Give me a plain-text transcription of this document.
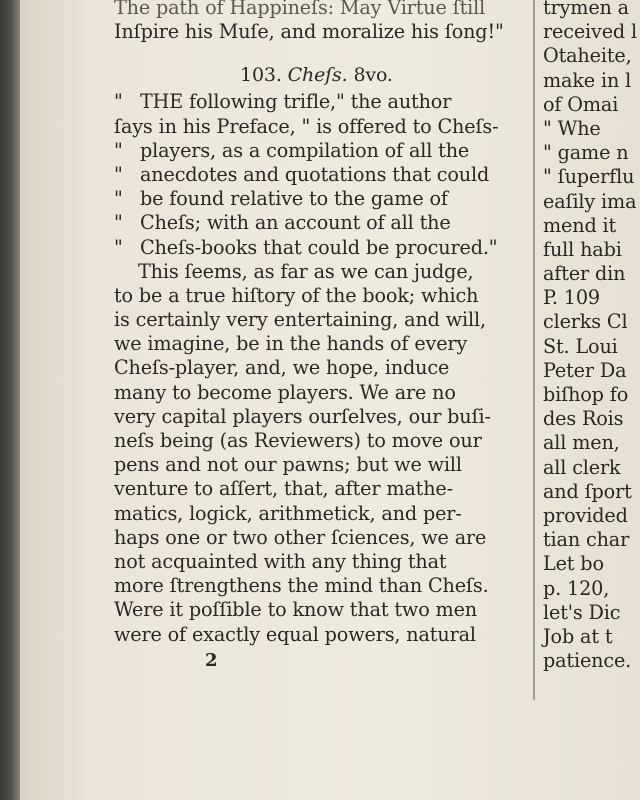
The path of Happineſs: May Virtue ſtill
Inſpire his Muſe, and moralize his ſong!"
103. Cheſs. 8vo.
" THE following trifle," the author
ſays in his Preface, " is offered to Cheſs-
" players, as a compilation of all the
" anecdotes and quotations that could
" be found relative to the game of
" Cheſs; with an account of all the
" Cheſs-books that could be procured."
This ſeems, as far as we can judge,
to be a true hiſtory of the book; which
is certainly very entertaining, and will,
we imagine, be in the hands of every
Cheſs-player, and, we hope, induce
many to become players. We are no
very capital players ourſelves, our buſi-
neſs being (as Reviewers) to move our
pens and not our pawns; but we will
venture to aſſert, that, after mathe-
matics, logick, arithmetick, and per-
haps one or two other ſciences, we are
not acquainted with any thing that
more ſtrengthens the mind than Cheſs.
Were it poſſible to know that two men
were of exactly equal powers, natural
2
trymen a
received l
Otaheite,
make in l
of Omai
" Whe
" game n
" ſuperflu
eaſily ima
mend it
full habi
after din
P. 109
clerks Cl
St. Loui
Peter Da
biſhop fo
des Rois
all men,
all clerk
and ſport
provided
tian char
Let bo
p. 120,
let's Dic
Job at t
patience.
